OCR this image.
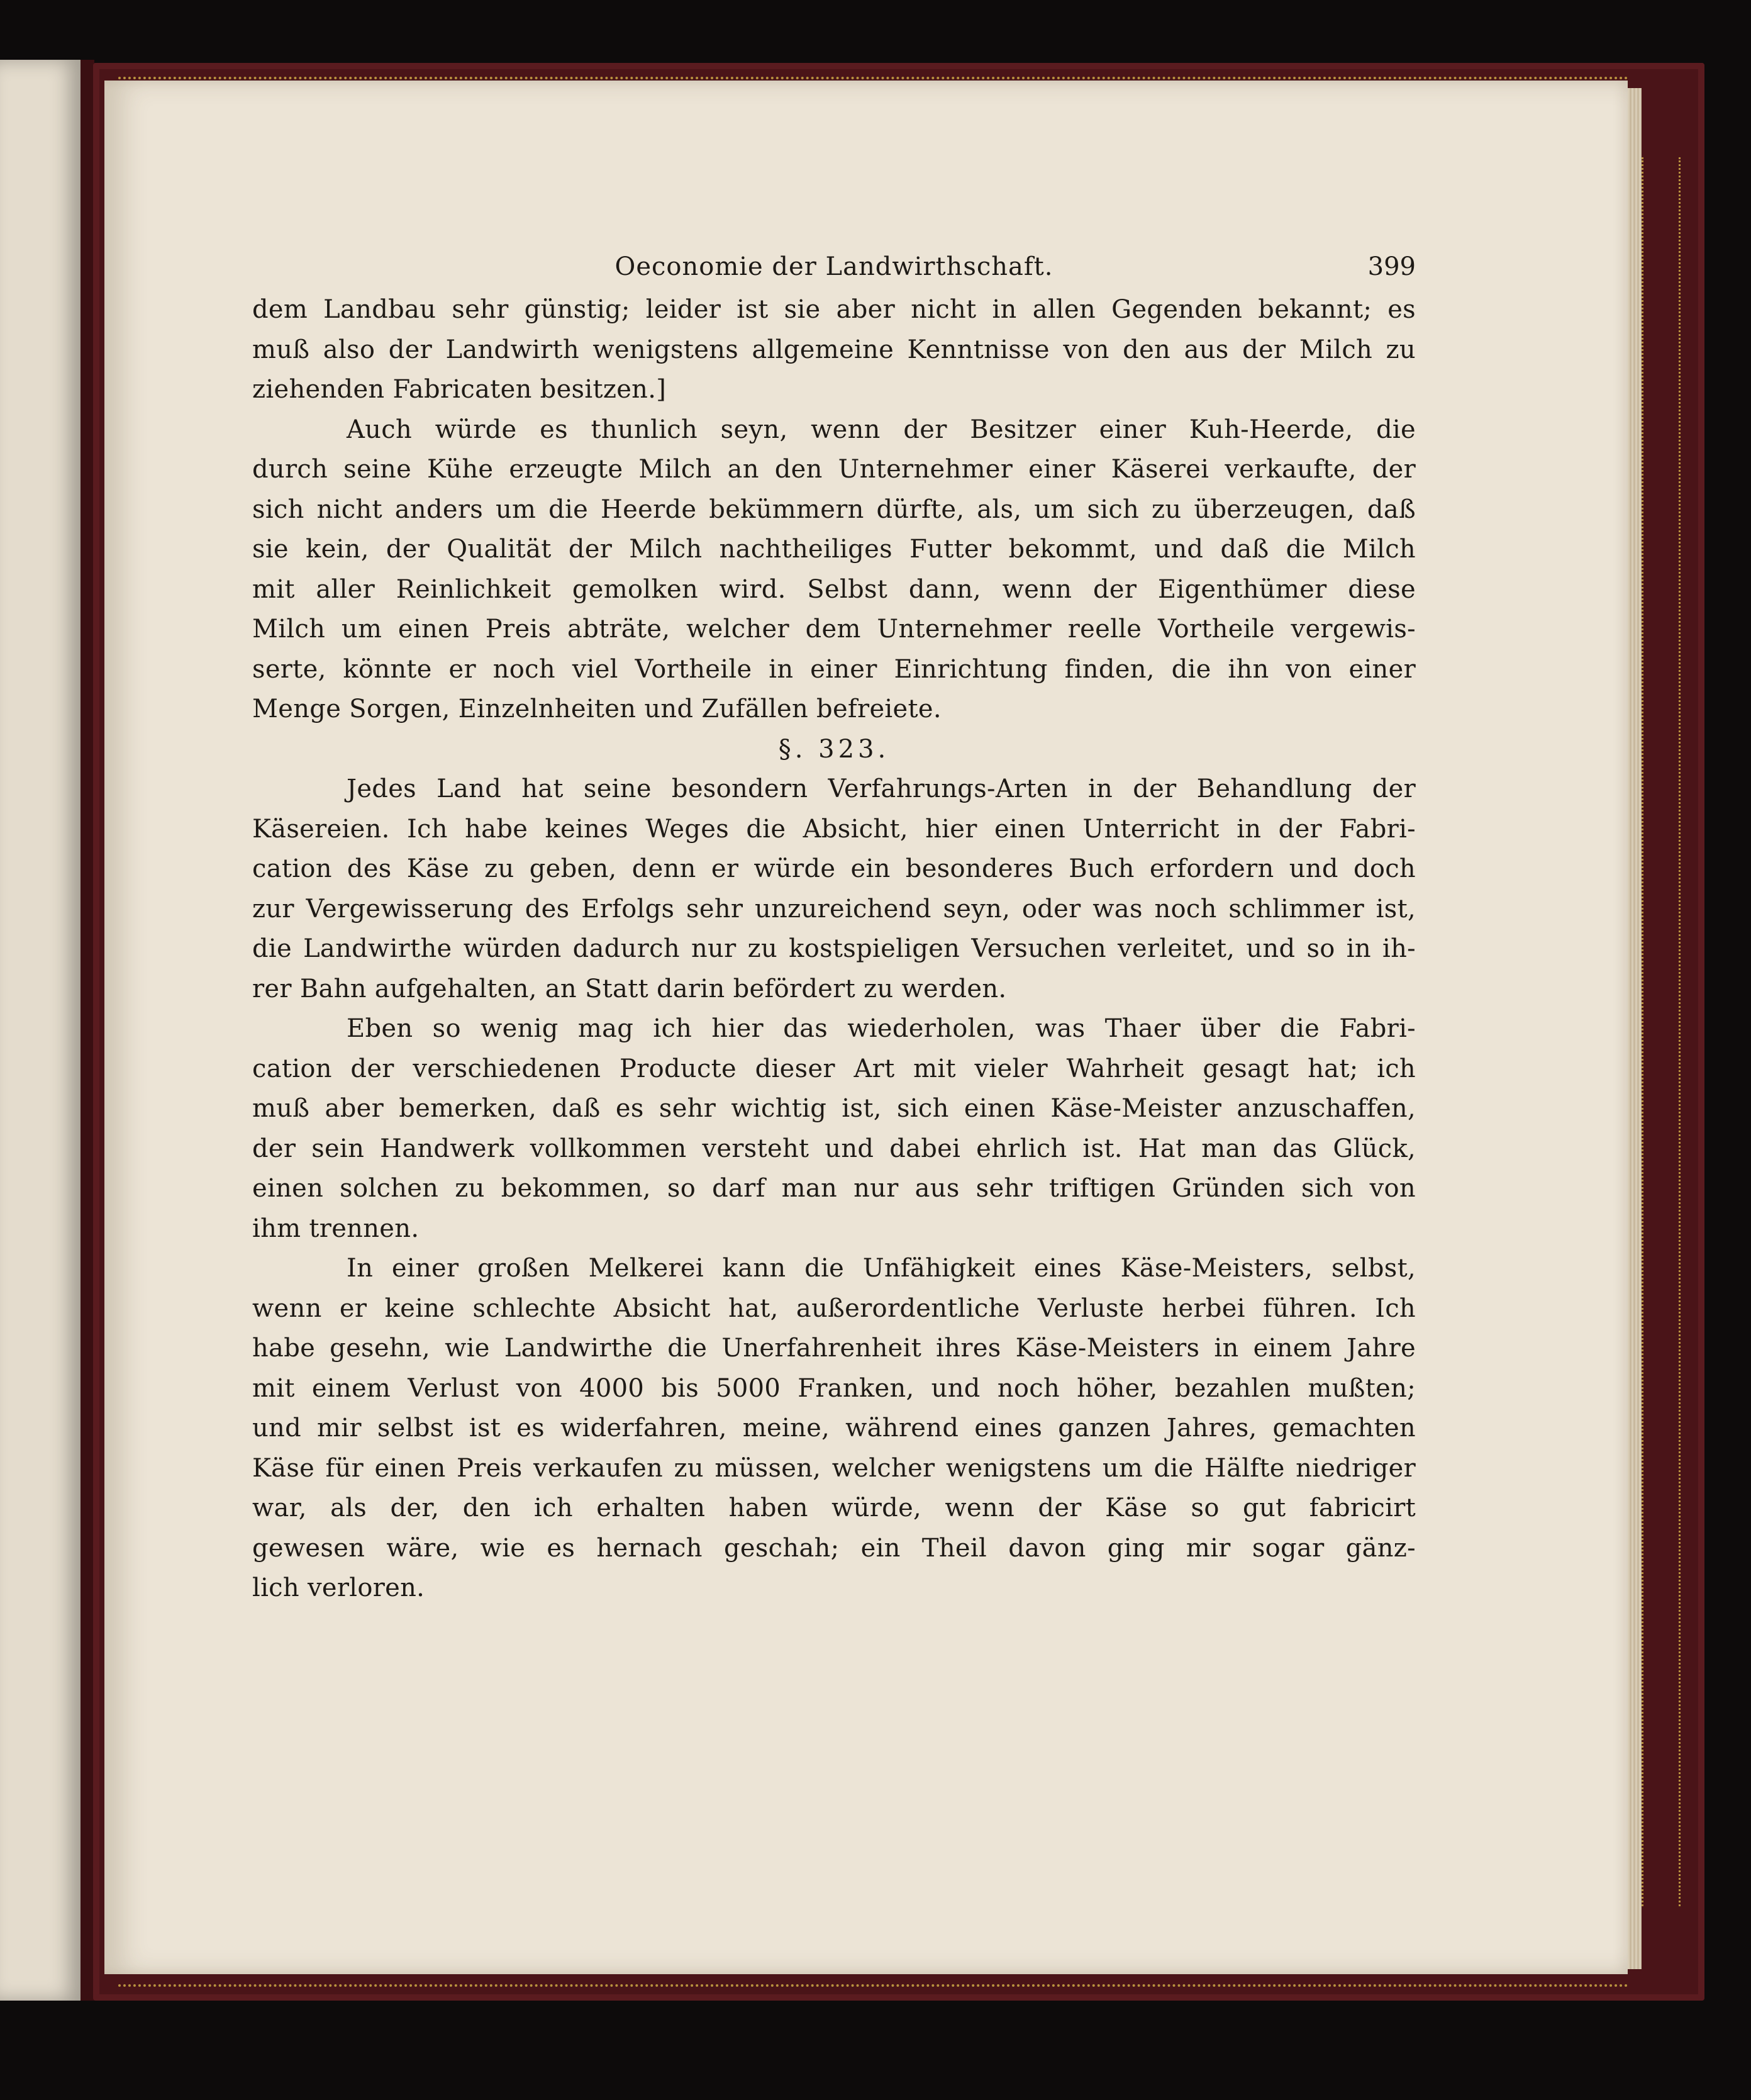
Oeconomie der Landwirthschaft.	399
dem Landbau sehr günstig; leider ist sie aber nicht in allen Gegenden bekannt; es
muß also der Landwirth wenigstens allgemeine Kenntnisse von den aus der Milch zu
ziehenden Fabricaten besitzen.]
Auch würde es thunlich seyn, wenn der Besitzer einer Kuh-Heerde, die
durch seine Kühe erzeugte Milch an den Unternehmer einer Käserei verkaufte, der
sich nicht anders um die Heerde bekümmern dürfte, als, um sich zu überzeugen, daß
sie kein, der Qualität der Milch nachtheiliges Futter bekommt, und daß die Milch
mit aller Reinlichkeit gemolken wird. Selbst dann, wenn der Eigenthümer diese
Milch um einen Preis abträte, welcher dem Unternehmer reelle Vortheile vergewis-
serte, könnte er noch viel Vortheile in einer Einrichtung finden, die ihn von einer
Menge Sorgen, Einzelnheiten und Zufällen befreiete.
§. 323.
Jedes Land hat seine besondern Verfahrungs-Arten in der Behandlung der
Käsereien. Ich habe keines Weges die Absicht, hier einen Unterricht in der Fabri-
cation des Käse zu geben, denn er würde ein besonderes Buch erfordern und doch
zur Vergewisserung des Erfolgs sehr unzureichend seyn, oder was noch schlimmer ist,
die Landwirthe würden dadurch nur zu kostspieligen Versuchen verleitet, und so in ih-
rer Bahn aufgehalten, an Statt darin befördert zu werden.
Eben so wenig mag ich hier das wiederholen, was Thaer über die Fabri-
cation der verschiedenen Producte dieser Art mit vieler Wahrheit gesagt hat; ich
muß aber bemerken, daß es sehr wichtig ist, sich einen Käse-Meister anzuschaffen,
der sein Handwerk vollkommen versteht und dabei ehrlich ist. Hat man das Glück,
einen solchen zu bekommen, so darf man nur aus sehr triftigen Gründen sich von
ihm trennen.
In einer großen Melkerei kann die Unfähigkeit eines Käse-Meisters, selbst,
wenn er keine schlechte Absicht hat, außerordentliche Verluste herbei führen. Ich
habe gesehn, wie Landwirthe die Unerfahrenheit ihres Käse-Meisters in einem Jahre
mit einem Verlust von 4000 bis 5000 Franken, und noch höher, bezahlen mußten;
und mir selbst ist es widerfahren, meine, während eines ganzen Jahres, gemachten
Käse für einen Preis verkaufen zu müssen, welcher wenigstens um die Hälfte niedriger
war, als der, den ich erhalten haben würde, wenn der Käse so gut fabricirt
gewesen wäre, wie es hernach geschah; ein Theil davon ging mir sogar gänz-
lich verloren.
